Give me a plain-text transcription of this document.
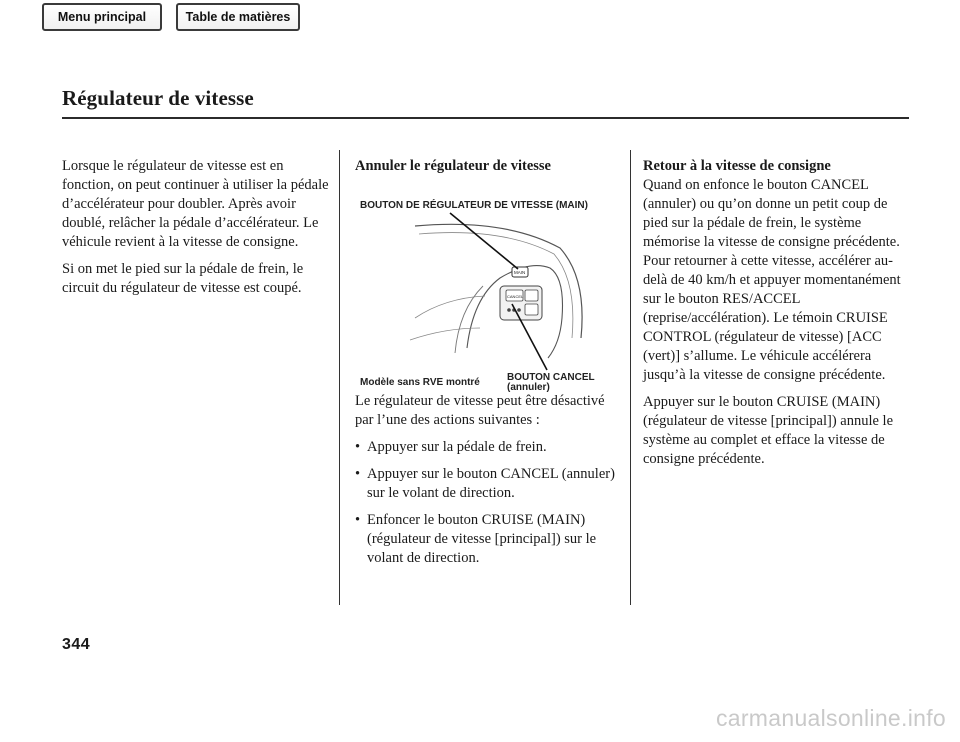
Menu principal	Table de matières
Régulateur de vitesse

Lorsque le régulateur de vitesse est en fonction, on peut continuer à utiliser la pédale d’accélérateur pour doubler. Après avoir doublé, relâcher la pédale d’accélérateur. Le véhicule revient à la vitesse de consigne.

Si on met le pied sur la pédale de frein, le circuit du régulateur de vitesse est coupé.

Annuler le régulateur de vitesse
CANCEL
MAIN
BOUTON DE RÉGULATEUR DE VITESSE (MAIN)
Modèle sans RVE montré	BOUTON CANCEL
(annuler)

Le régulateur de vitesse peut être désactivé par l’une des actions suivantes :

• Appuyer sur la pédale de frein.
• Appuyer sur le bouton CANCEL (annuler) sur le volant de direction.
• Enfoncer le bouton CRUISE (MAIN) (régulateur de vitesse [principal]) sur le volant de direction.
Retour à la vitesse de consigne

Quand on enfonce le bouton CANCEL (annuler) ou qu’on donne un petit coup de pied sur la pédale de frein, le système mémorise la vitesse de consigne précédente. Pour retourner à cette vitesse, accélérer au-delà de 40 km/h et appuyer momentanément sur le bouton RES/ACCEL (reprise/accélération). Le témoin CRUISE CONTROL (régulateur de vitesse) [ACC (vert)] s’allume. Le véhicule accélérera jusqu’à la vitesse de consigne précédente.

Appuyer sur le bouton CRUISE (MAIN) (régulateur de vitesse [principal]) annule le système au complet et efface la vitesse de consigne précédente.

344
carmanualsonline.info
